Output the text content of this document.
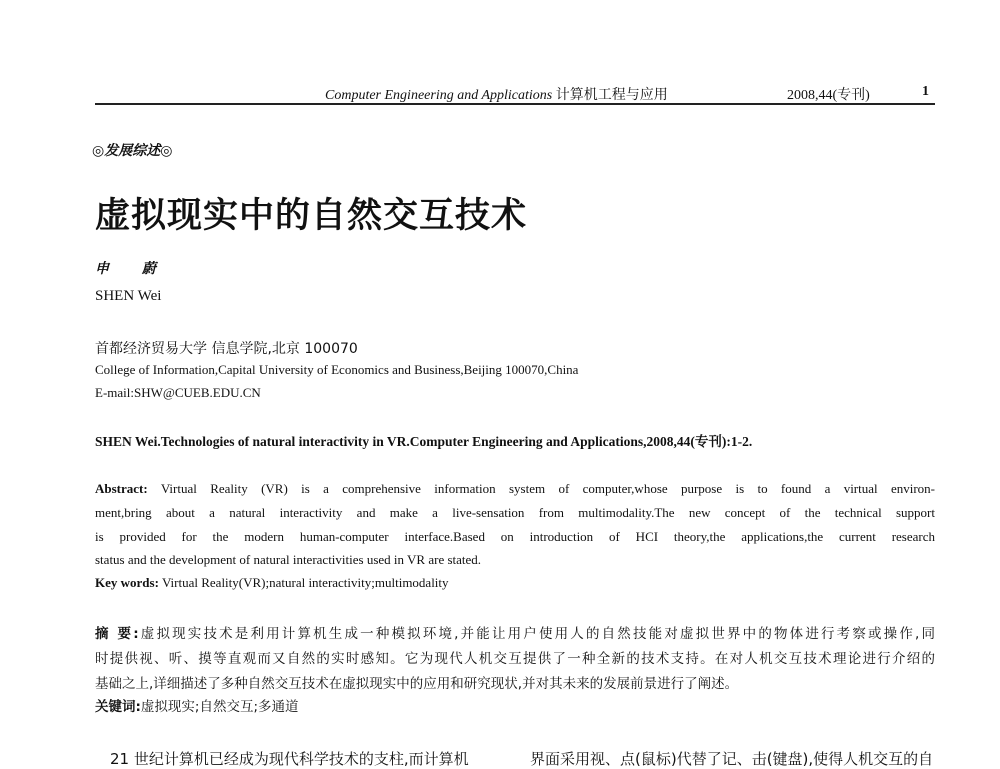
Computer Engineering and Applications 计算机工程与应用	2008,44(专刊)	1
◎发展综述◎
虚拟现实中的自然交互技术
申 蔚
SHEN Wei
首都经济贸易大学 信息学院,北京 100070
College of Information,Capital University of Economics and Business,Beijing 100070,China
E-mail:SHW@CUEB.EDU.CN
SHEN Wei.Technologies of natural interactivity in VR.Computer Engineering and Applications,2008,44(专刊):1-2.
Abstract: Virtual Reality (VR) is a comprehensive information system of computer,whose purpose is to found a virtual environ-
ment,bring about a natural interactivity and make a live-sensation from multimodality.The new concept of the technical support
is provided for the modern human-computer interface.Based on introduction of HCI theory,the applications,the current research
status and the development of natural interactivities used in VR are stated.
Key words: Virtual Reality(VR);natural interactivity;multimodality
摘 要:虚拟现实技术是利用计算机生成一种模拟环境,并能让用户使用人的自然技能对虚拟世界中的物体进行考察或操作,同
时提供视、听、摸等直观而又自然的实时感知。它为现代人机交互提供了一种全新的技术支持。在对人机交互技术理论进行介绍的
基础之上,详细描述了多种自然交互技术在虚拟现实中的应用和研究现状,并对其未来的发展前景进行了阐述。
关键词:虚拟现实;自然交互;多通道
21 世纪计算机已经成为现代科学技术的支柱,而计算机	界面采用视、点(鼠标)代替了记、击(键盘),使得人机交互的自
